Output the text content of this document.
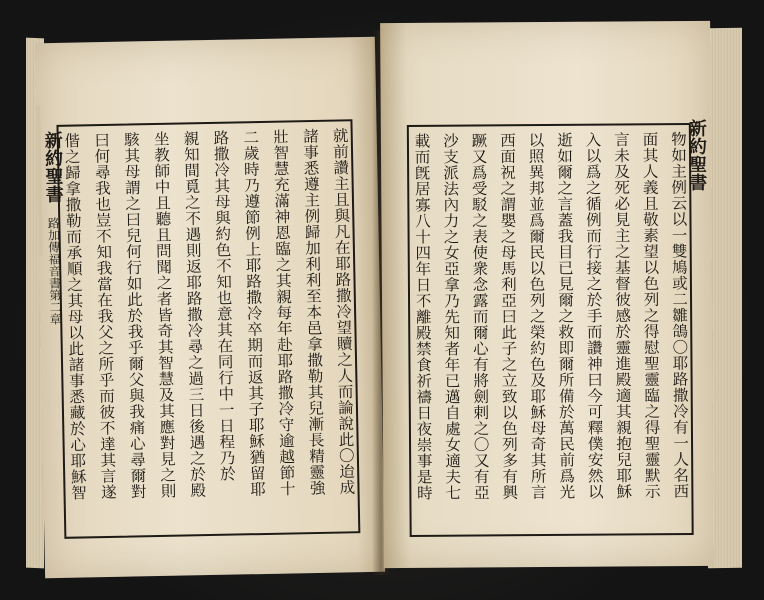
新約聖書 路加傳福音書第二章	就前讚主且與凡在耶路撒冷望贖之人而論說此〇迨成
諸事悉遵主例歸加利利至本邑拿撒勒其兒漸長精靈強
壯智慧充滿神恩臨之其親每年赴耶路撒冷守逾越節十
二歲時乃遵節例上耶路撒冷卒期而返其子耶穌猶留耶
路撒冷其母與約色不知也意其在同行中一日程乃於
親知間覓之不遇則返耶路撒冷尋之過三日後遇之於殿
坐教師中且聽且問聞之者皆奇其智慧及其應對見之則
駭其母謂之曰兒何行如此於我乎爾父與我痛心尋爾對
曰何尋我也豈不知我當在我父之所乎而彼不達其言遂
偕之歸拿撒勒而承順之其母以此諸事悉藏於心耶穌智	物如主例云以一雙鳩或二雛鴿〇耶路撒冷有一人名西
面其人義且敬素望以色列之得慰聖靈臨之得聖靈默示
言未及死必見主之基督彼感於靈進殿適其親抱兒耶穌
入以爲之循例而行接之於手而讚神曰今可釋僕安然以
逝如爾之言蓋我目已見爾之救即爾所備於萬民前爲光
以照異邦並爲爾民以色列之榮約色及耶穌母奇其所言
西面祝之謂嬰之母馬利亞曰此子之立致以色列多有興
蹶又爲受駁之表使衆念露而爾心有將劍剌之〇又有亞
沙支派法內力之女亞拿乃先知者年已邁自處女適夫七
載而旣居寡八十四年日不離殿禁食祈禱日夜崇事是時	新約聖書
